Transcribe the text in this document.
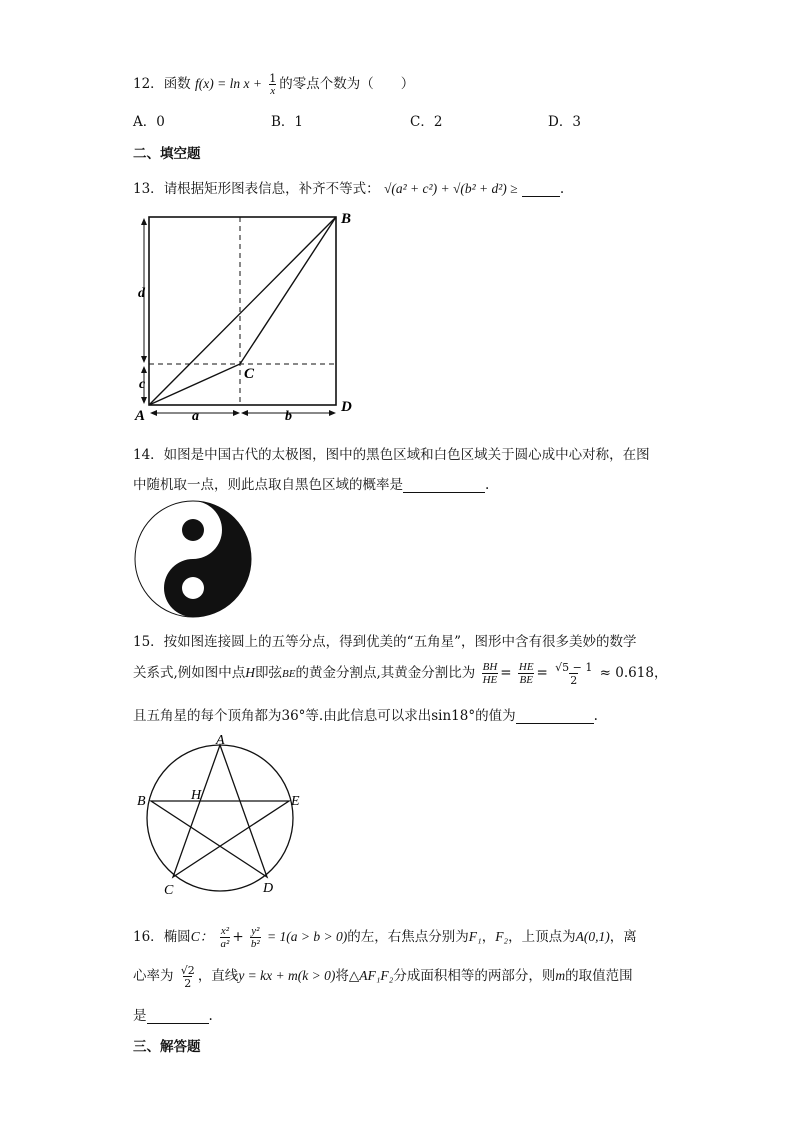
12．函数 $f(x) = \ln x + \frac{1}{x}$ 的零点个数为（　　）
A．0	B．1	C．2	D．3
二、填空题
13．请根据矩形图表信息，补齐不等式： √(a² + c²) + √(b² + d²) ≥	.
B
A
C
D
d
c
a	b
14．如图是中国古代的太极图，图中的黑色区域和白色区域关于圆心成中心对称，在图
中随机取一点，则此点取自黑色区域的概率是	.
15．按如图连接圆上的五等分点，得到优美的“五角星”，图形中含有很多美妙的数学
关系式,例如图中点H即弦BE的黄金分割点,其黄金分割比为 $\frac{BH}{HE} = \frac{HE}{BE} = \frac{√5 - 1}{2} \approx 0.618$，
且五角星的每个顶角都为36°等.由此信息可以求出sin18°的值为	.
A
B	E
H
C	D
16．椭圆C： $\frac{\text{x²}}{\text{a²}} + \frac{\text{y²}}{\text{b²}} = 1(a > b > 0)$的左，右焦点分别为F₁，F₂，上顶点为A(0,1)，离
心率为 $\frac{√2}{2}$ ，直线y = kx + m(k > 0)将△AF₁F₂分成面积相等的两部分，则m的取值范围
是	.
三、解答题
